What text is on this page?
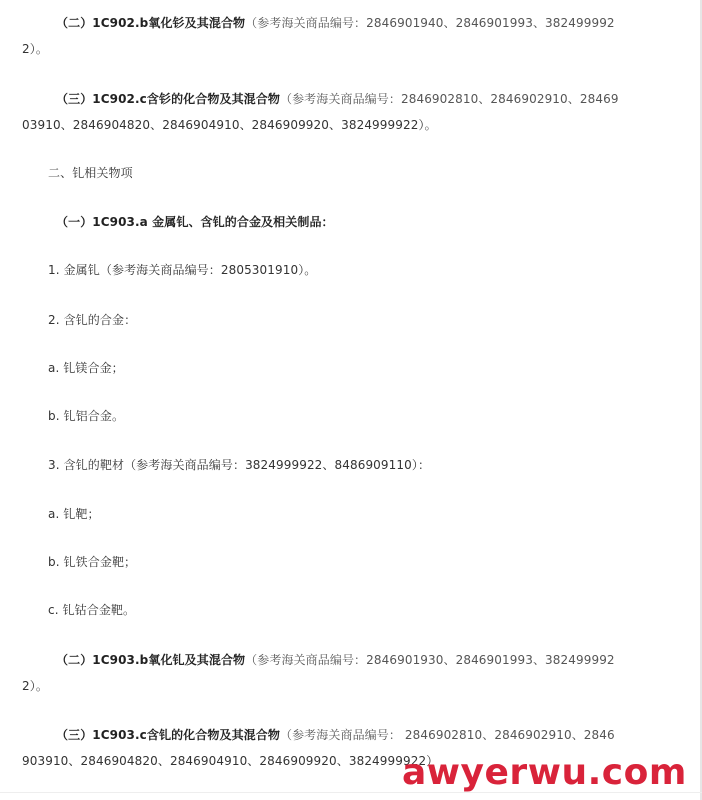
（二）1C902.b氧化钐及其混合物（参考海关商品编号：2846901940、2846901993、382499992
2）。
（三）1C902.c含钐的化合物及其混合物（参考海关商品编号：2846902810、2846902910、28469
03910、2846904820、2846904910、2846909920、3824999922）。
二、钆相关物项
（一）1C903.a 金属钆、含钆的合金及相关制品：
1. 金属钆（参考海关商品编号：2805301910）。
2. 含钆的合金：
a. 钆镁合金；
b. 钆铝合金。
3. 含钆的靶材（参考海关商品编号：3824999922、8486909110）：
a. 钆靶；
b. 钆铁合金靶；
c. 钆钴合金靶。
（二）1C903.b氧化钆及其混合物（参考海关商品编号：2846901930、2846901993、382499992
2）。
（三）1C903.c含钆的化合物及其混合物（参考海关商品编号： 2846902810、2846902910、2846
903910、2846904820、2846904910、2846909920、3824999922）
awyerwu.com
